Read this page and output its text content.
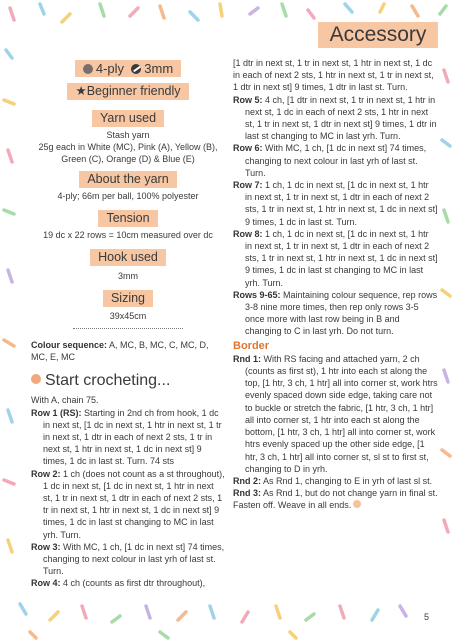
Accessory
4-ply 3mm
★Beginner friendly
Yarn used
Stash yarn
25g each in White (MC), Pink (A), Yellow (B), Green (C), Orange (D) & Blue (E)
About the yarn
4-ply; 66m per ball, 100% polyester
Tension
19 dc x 22 rows = 10cm measured over dc
Hook used
3mm
Sizing
39x45cm

Colour sequence: A, MC, B, MC, C, MC, D, MC, E, MC

Start crocheting...

With A, chain 75.

Row 1 (RS): Starting in 2nd ch from hook, 1 dc in next st, [1 dc in next st, 1 htr in next st, 1 tr in next st, 1 dtr in each of next 2 sts, 1 tr in next st, 1 htr in next st, 1 dc in next st] 9 times, 1 dc in last st. Turn. 74 sts

Row 2: 1 ch (does not count as a st throughout), 1 dc in next st, [1 dc in next st, 1 htr in next st, 1 tr in next st, 1 dtr in each of next 2 sts, 1 tr in next st, 1 htr in next st, 1 dc in next st] 9 times, 1 dc in last st changing to MC in last yrh. Turn.

Row 3: With MC, 1 ch, [1 dc in next st] 74 times, changing to next colour in last yrh of last st. Turn.

Row 4: 4 ch (counts as first dtr throughout),

[1 dtr in next st, 1 tr in next st, 1 htr in next st, 1 dc in each of next 2 sts, 1 htr in next st, 1 tr in next st, 1 dtr in next st] 9 times, 1 dtr in last st. Turn.

Row 5: 4 ch, [1 dtr in next st, 1 tr in next st, 1 htr in next st, 1 dc in each of next 2 sts, 1 htr in next st, 1 tr in next st, 1 dtr in next st] 9 times, 1 dtr in last st changing to MC in last yrh. Turn.

Row 6: With MC, 1 ch, [1 dc in next st] 74 times, changing to next colour in last yrh of last st. Turn.

Row 7: 1 ch, 1 dc in next st, [1 dc in next st, 1 htr in next st, 1 tr in next st, 1 dtr in each of next 2 sts, 1 tr in next st, 1 htr in next st, 1 dc in next st] 9 times, 1 dc in last st. Turn.

Row 8: 1 ch, 1 dc in next st, [1 dc in next st, 1 htr in next st, 1 tr in next st, 1 dtr in each of next 2 sts, 1 tr in next st, 1 htr in next st, 1 dc in next st] 9 times, 1 dc in last st changing to MC in last yrh. Turn.

Rows 9-65: Maintaining colour sequence, rep rows 3-8 nine more times, then rep only rows 3-5 once more with last row being in B and changing to C in last yrh. Do not turn.

Border

Rnd 1: With RS facing and attached yarn, 2 ch (counts as first st), 1 htr into each st along the top, [1 htr, 3 ch, 1 htr] all into corner st, work htrs evenly spaced down side edge, taking care not to buckle or stretch the fabric, [1 htr, 3 ch, 1 htr] all into corner st, 1 htr into each st along the bottom, [1 htr, 3 ch, 1 htr] all into corner st, work htrs evenly spaced up the other side edge, [1 htr, 3 ch, 1 htr] all into corner st, sl st to first st, changing to D in yrh.

Rnd 2: As Rnd 1, changing to E in yrh of last sl st.

Rnd 3: As Rnd 1, but do not change yarn in final st.

Fasten off. Weave in all ends.

5
